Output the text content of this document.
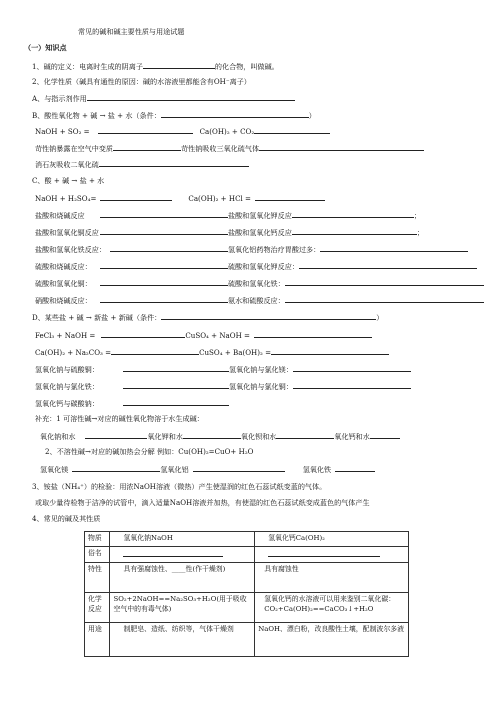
常见的碱和碱主要性质与用途试题
（一）知识点
1、碱的定义：电离时生成的阴离子	的化合物，叫做碱。
2、化学性质（碱具有通性的原因：碱的水溶液里都能含有OH⁻离子）
A、与指示剂作用
B、酸性氧化物 + 碱 → 盐 + 水（条件：	）
NaOH + SO₂ =	Ca(OH)₂ + CO₂
苛性钠暴露在空气中变质	苛性钠吸收三氧化硫气体
消石灰吸收二氧化硫
C、酸 + 碱 → 盐 + 水
NaOH + H₂SO₄=	Ca(OH)₂ + HCl =
盐酸和烧碱反应	盐酸和氢氧化钾反应	；
盐酸和氢氧化铜反应	盐酸和氢氧化钙反应	；
盐酸和氢氧化铁反应：	氢氧化铝药物治疗胃酸过多：
硫酸和烧碱反应：	硫酸和氢氧化钾反应：
硫酸和氢氧化铜：	硫酸和氢氧化铁：
硝酸和烧碱反应：	氨水和硫酸反应：
D、某些盐 + 碱 → 新盐 + 新碱（条件：	）
FeCl₃ + NaOH =	CuSO₄ + NaOH =
Ca(OH)₂ + Na₂CO₃ =	CuSO₄ + Ba(OH)₂ =
氢氧化钠与硫酸铜：	氢氧化钠与氯化镁：
氢氧化钠与氯化铁：	氢氧化钠与氯化铜：
氢氧化钙与碳酸钠：
补充：1 可溶性碱→对应的碱性氧化物溶于水生成碱：
氧化钠和水	氧化钾和水	氧化钡和水	氧化钙和水
2、不溶性碱→对应的碱加热会分解 例如：Cu(OH)₂=CuO+ H₂O
氢氧化镁	氢氧化铝	氢氧化铁
3、铵盐（NH₄⁺）的检验：用浓NaOH溶液（微热）产生使湿润的红色石蕊试纸变蓝的气体。
或取少量待检物于洁净的试管中，滴入适量NaOH溶液并加热，有使湿的红色石蕊试纸变成蓝色的气体产生
4、常见的碱及其性质
物质	氢氧化钠NaOH	氢氧化钙Ca(OH)₂
俗名		
特性	具有强腐蚀性、____性(作干燥剂)	具有腐蚀性
化学反应	SO₂+2NaOH==Na₂SO₃+H₂O(用于吸收空气中的有毒气体)	氢氧化钙的水溶液可以用来鉴别二氧化碳：CO₂+Ca(OH)₂==CaCO₃↓+H₂O

用途	制肥皂、造纸、纺织等，气体干燥剂	NaOH、漂白粉，改良酸性土壤，配制波尔多液
